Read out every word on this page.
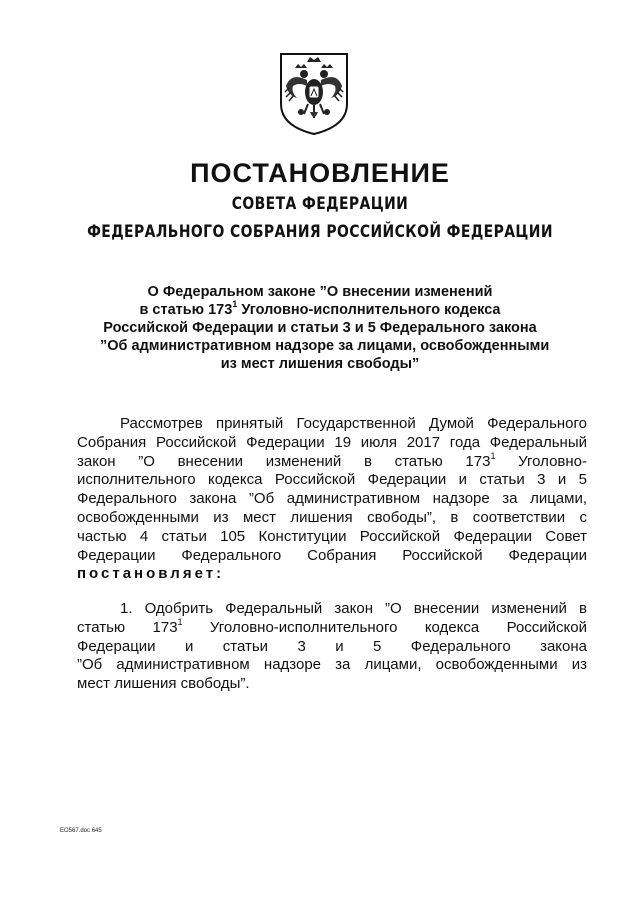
ПОСТАНОВЛЕНИЕ
СОВЕТА ФЕДЕРАЦИИ
ФЕДЕРАЛЬНОГО СОБРАНИЯ РОССИЙСКОЙ ФЕДЕРАЦИИ
О Федеральном законе ”О внесении изменений
в статью $173^1$ Уголовно-исполнительного кодекса
Российской Федерации и статьи 3 и 5 Федерального закона
”Об административном надзоре за лицами, освобожденными
из мест лишения свободы”
Рассмотрев принятый Государственной Думой Федерального
Собрания Российской Федерации 19 июля 2017 года Федеральный
закон ”О внесении изменений в статью $173^1$ Уголовно-
исполнительного кодекса Российской Федерации и статьи 3 и 5
Федерального закона ”Об административном надзоре за лицами,
освобожденными из мест лишения свободы”, в соответствии с
частью 4 статьи 105 Конституции Российской Федерации Совет
Федерации Федерального Собрания Российской Федерации
постановляет:
1. Одобрить Федеральный закон ”О внесении изменений в
статью $173^1$ Уголовно-исполнительного кодекса Российской
Федерации и статьи 3 и 5 Федерального закона
”Об административном надзоре за лицами, освобожденными из
мест лишения свободы”.
ЕО567.doc 645
